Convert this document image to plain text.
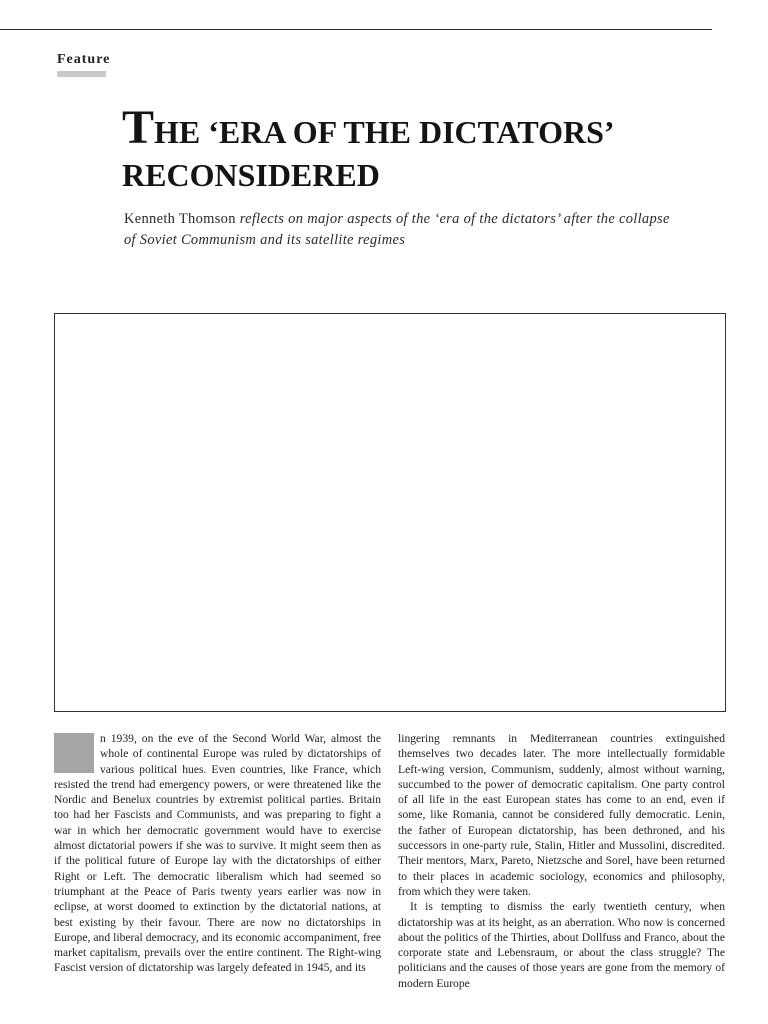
Feature
THE ‘ERA OF THE DICTATORS’
RECONSIDERED
Kenneth Thomson reflects on major aspects of the ‘era of the dictators’ after the collapse of Soviet Communism and its satellite regimes

n 1939, on the eve of the Second World War, almost the whole of continental Europe was ruled by dictatorships of various political hues. Even countries, like France, which resisted the trend had emergency powers, or were threatened like the Nordic and Benelux countries by extremist political parties. Britain too had her Fascists and Communists, and was preparing to fight a war in which her democratic government would have to exercise almost dictatorial powers if she was to survive. It might seem then as if the political future of Europe lay with the dictatorships of either Right or Left. The democratic liberalism which had seemed so triumphant at the Peace of Paris twenty years earlier was now in eclipse, at worst doomed to extinction by the dictatorial nations, at best existing by their favour. There are now no dictatorships in Europe, and liberal democracy, and its economic accompaniment, free market capitalism, prevails over the entire continent. The Right-wing Fascist version of dictatorship was largely defeated in 1945, and its

lingering remnants in Mediterranean countries extinguished themselves two decades later. The more intellectually formidable Left-wing version, Communism, suddenly, almost without warning, succumbed to the power of democratic capitalism. One party control of all life in the east European states has come to an end, even if some, like Romania, cannot be considered fully democratic. Lenin, the father of European dictatorship, has been dethroned, and his successors in one-party rule, Stalin, Hitler and Mussolini, discredited. Their mentors, Marx, Pareto, Nietzsche and Sorel, have been returned to their places in academic sociology, economics and philosophy, from which they were taken.

It is tempting to dismiss the early twentieth century, when dictatorship was at its height, as an aberration. Who now is concerned about the politics of the Thirties, about Dollfuss and Franco, about the corporate state and Lebensraum, or about the class struggle? The politicians and the causes of those years are gone from the memory of modern Europe
